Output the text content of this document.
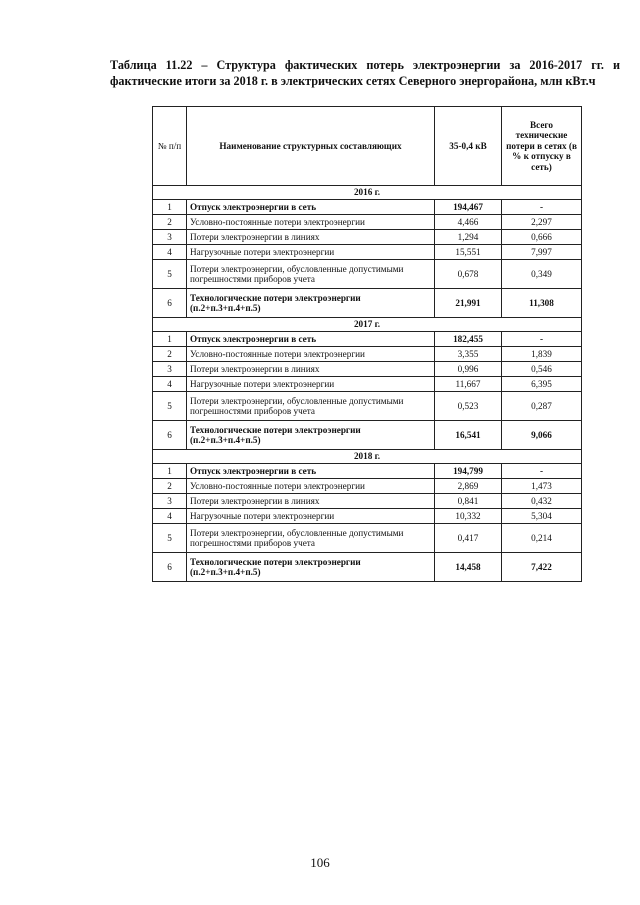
Таблица 11.22 – Структура фактических потерь электроэнергии за 2016-2017 гг. и фактические итоги за 2018 г. в электрических сетях Северного энергорайона, млн кВт.ч
№ п/п	Наименование структурных составляющих	35-0,4 кВ	Всего технические потери в сетях (в % к отпуску в сеть)
2016 г.			
1	Отпуск электроэнергии в сеть	194,467	-
2	Условно-постоянные потери электроэнергии	4,466	2,297
3	Потери электроэнергии в линиях	1,294	0,666
4	Нагрузочные потери электроэнергии	15,551	7,997
5	Потери электроэнергии, обусловленные допустимыми погрешностями приборов учета	0,678	0,349
6	Технологические потери электроэнергии (п.2+п.3+п.4+п.5)	21,991	11,308
2017 г.			
1	Отпуск электроэнергии в сеть	182,455	-
2	Условно-постоянные потери электроэнергии	3,355	1,839
3	Потери электроэнергии в линиях	0,996	0,546
4	Нагрузочные потери электроэнергии	11,667	6,395
5	Потери электроэнергии, обусловленные допустимыми погрешностями приборов учета	0,523	0,287
6	Технологические потери электроэнергии (п.2+п.3+п.4+п.5)	16,541	9,066
2018 г.			
1	Отпуск электроэнергии в сеть	194,799	-
2	Условно-постоянные потери электроэнергии	2,869	1,473
3	Потери электроэнергии в линиях	0,841	0,432
4	Нагрузочные потери электроэнергии	10,332	5,304
5	Потери электроэнергии, обусловленные допустимыми погрешностями приборов учета	0,417	0,214
6	Технологические потери электроэнергии (п.2+п.3+п.4+п.5)	14,458	7,422
106
